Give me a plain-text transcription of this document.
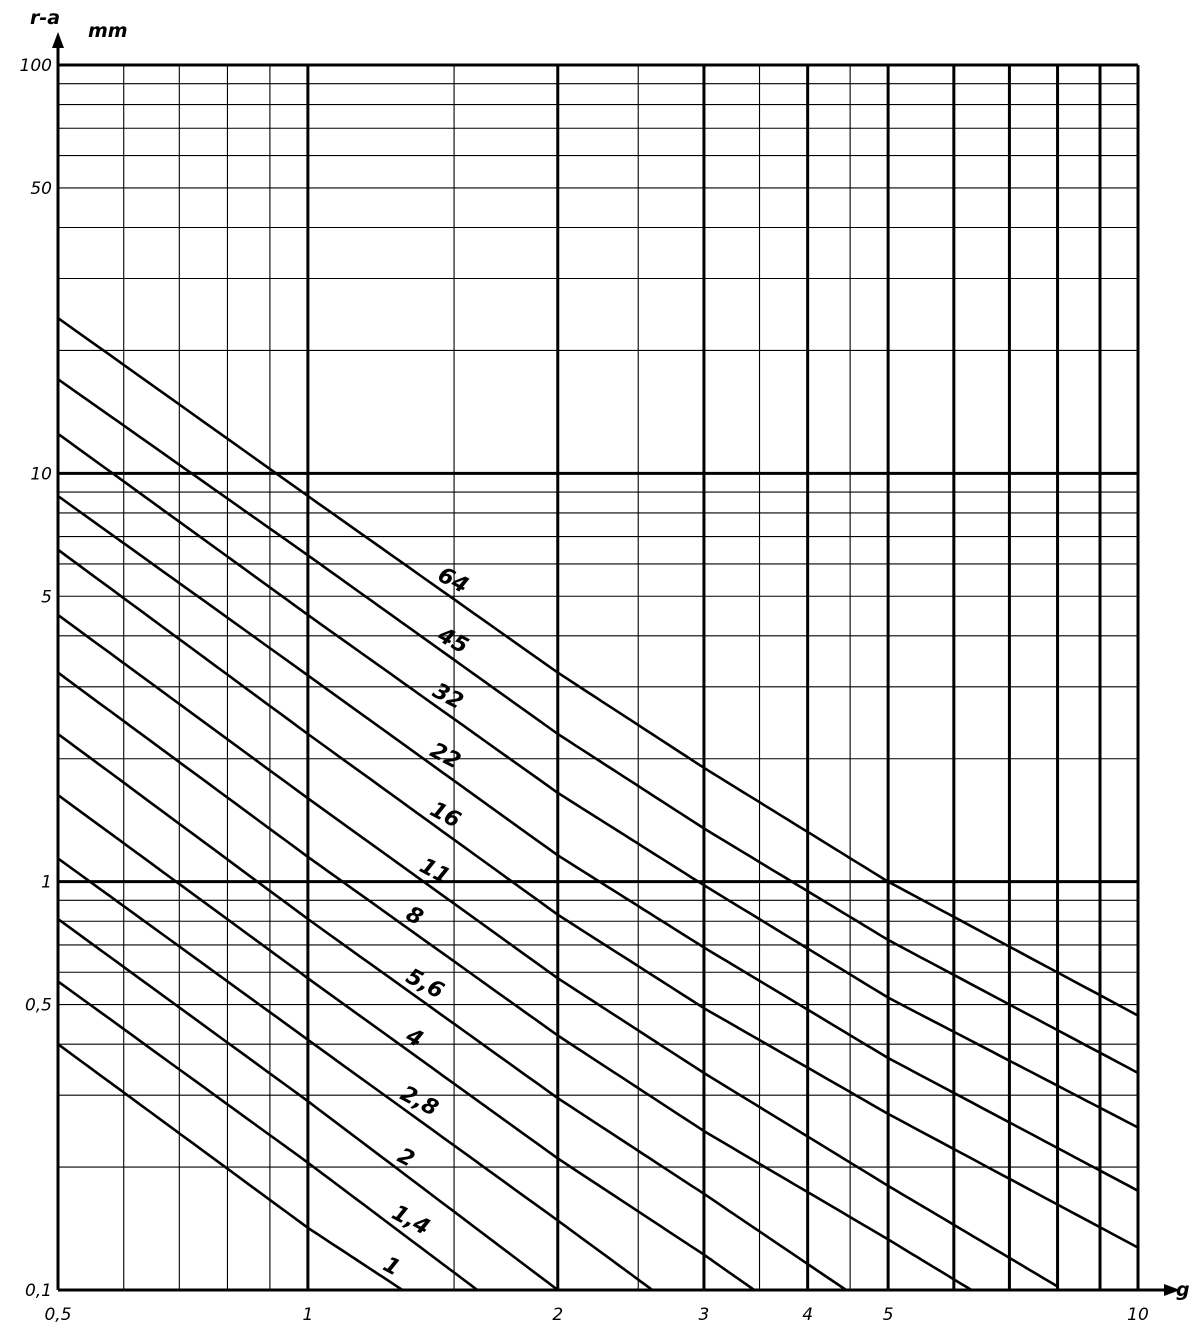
r-a
mm
g
0,5	1	2	3	4	5	10
0,1
0,5
1
5
10
50
100
64
45
32
22
16
11
8
5,6
4
2,8
2
1,4
1
